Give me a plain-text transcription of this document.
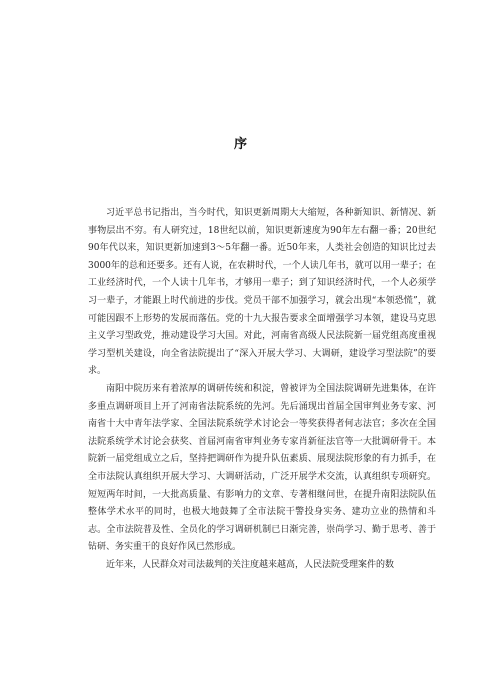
序

习近平总书记指出，当今时代，知识更新周期大大缩短，各种新知识、新情况、新事物层出不穷。有人研究过，18世纪以前，知识更新速度为90年左右翻一番；20世纪90年代以来，知识更新加速到3～5年翻一番。近50年来，人类社会创造的知识比过去3000年的总和还要多。还有人说，在农耕时代，一个人读几年书，就可以用一辈子；在工业经济时代，一个人读十几年书，才够用一辈子；到了知识经济时代，一个人必须学习一辈子，才能跟上时代前进的步伐。党员干部不加强学习，就会出现“本领恐慌”，就可能因跟不上形势的发展而落伍。党的十九大报告要求全面增强学习本领，建设马克思主义学习型政党，推动建设学习大国。对此，河南省高级人民法院新一届党组高度重视学习型机关建设，向全省法院提出了“深入开展大学习、大调研，建设学习型法院”的要求。

南阳中院历来有着浓厚的调研传统和积淀，曾被评为全国法院调研先进集体，在许多重点调研项目上开了河南省法院系统的先河。先后涌现出首届全国审判业务专家、河南省十大中青年法学家、全国法院系统学术讨论会一等奖获得者何志法官；多次在全国法院系统学术讨论会获奖、首届河南省审判业务专家肖新征法官等一大批调研骨干。本院新一届党组成立之后，坚持把调研作为提升队伍素质、展现法院形象的有力抓手，在全市法院认真组织开展大学习、大调研活动，广泛开展学术交流，认真组织专项研究。短短两年时间，一大批高质量、有影响力的文章、专著相继问世，在提升南阳法院队伍整体学术水平的同时，也极大地鼓舞了全市法院干警投身实务、建功立业的热情和斗志。全市法院普及性、全员化的学习调研机制已日渐完善，崇尚学习、勤于思考、善于钻研、务实重干的良好作风已然形成。

近年来，人民群众对司法裁判的关注度越来越高，人民法院受理案件的数
